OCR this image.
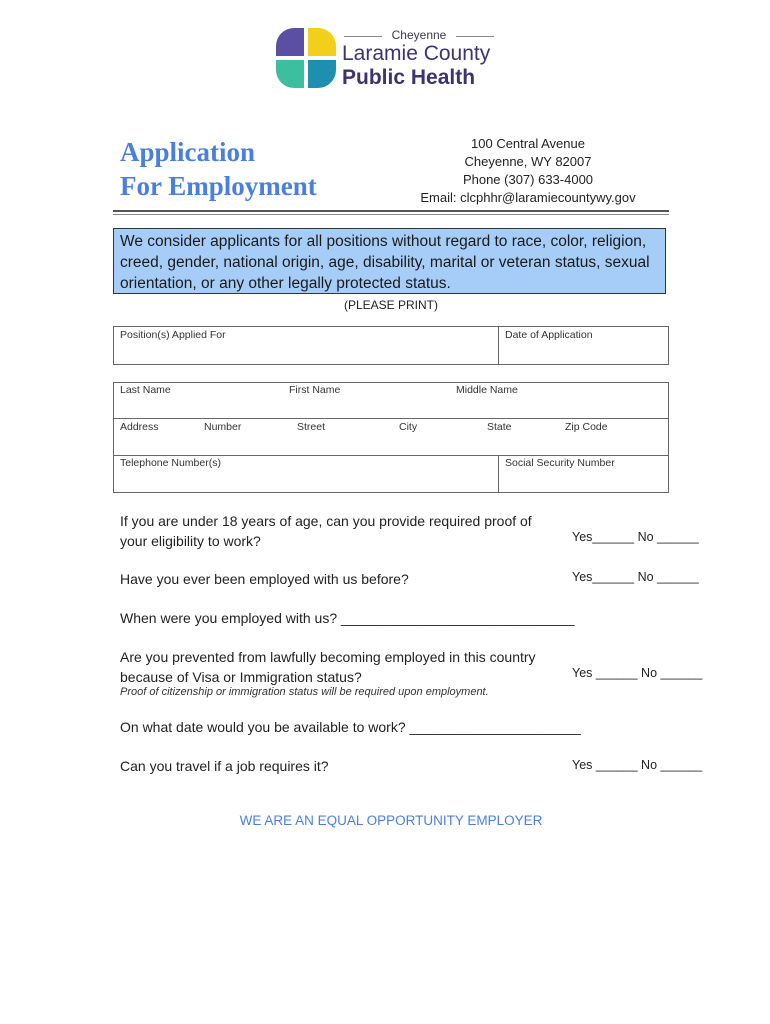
Cheyenne
Laramie County
Public Health
Application
For Employment
100 Central Avenue
Cheyenne, WY 82007
Phone (307) 633-4000
Email: clcphhr@laramiecountywy.gov
We consider applicants for all positions without regard to race, color, religion, creed, gender, national origin, age, disability, marital or veteran status, sexual orientation, or any other legally protected status.
(PLEASE PRINT)
Position(s) Applied For	Date of Application
Last Name	First Name	Middle Name
Address	Number	Street	City	State	Zip Code
Telephone Number(s)	Social Security Number
If you are under 18 years of age, can you provide required proof of
your eligibility to work?	Yes______ No ______
Have you ever been employed with us before?	Yes______ No ______
When were you employed with us? ______________________________
Are you prevented from lawfully becoming employed in this country
because of Visa or Immigration status?
Proof of citizenship or immigration status will be required upon employment.
Yes ______ No ______
On what date would you be available to work? ______________________
Can you travel if a job requires it?	Yes ______ No ______
WE ARE AN EQUAL OPPORTUNITY EMPLOYER
